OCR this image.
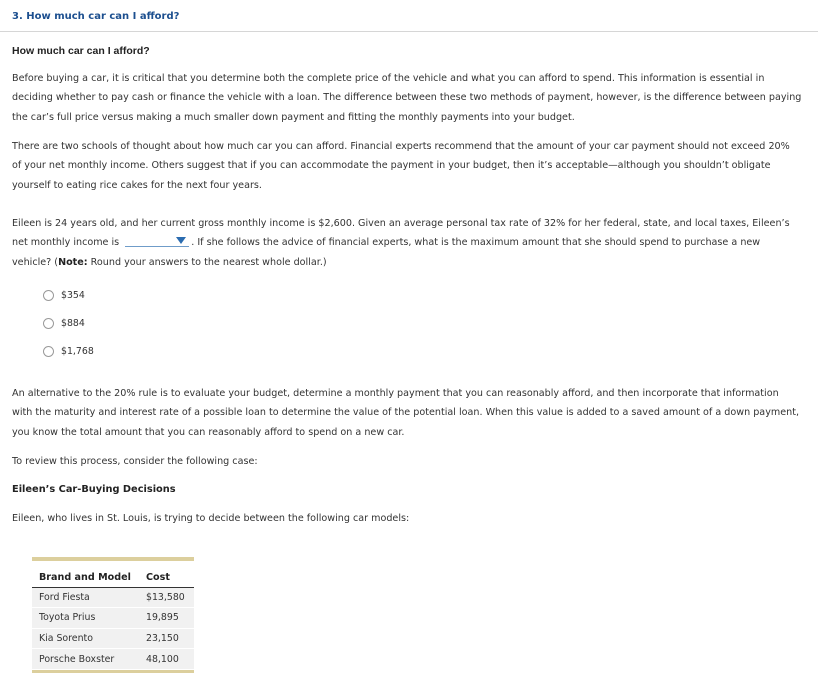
3. How much car can I afford?
How much car can I afford?

Before buying a car, it is critical that you determine both the complete price of the vehicle and what you can afford to spend. This information is essential in deciding whether to pay cash or finance the vehicle with a loan. The difference between these two methods of payment, however, is the difference between paying the car’s full price versus making a much smaller down payment and fitting the monthly payments into your budget.

There are two schools of thought about how much car you can afford. Financial experts recommend that the amount of your car payment should not exceed 20% of your net monthly income. Others suggest that if you can accommodate the payment in your budget, then it’s acceptable—although you shouldn’t obligate yourself to eating rice cakes for the next four years.

Eileen is 24 years old, and her current gross monthly income is $2,600. Given an average personal tax rate of 32% for her federal, state, and local taxes, Eileen’s net monthly income is	. If she follows the advice of financial experts, what is the maximum amount that she should spend to purchase a new vehicle? (Note: Round your answers to the nearest whole dollar.)

$354
$884
$1,768

An alternative to the 20% rule is to evaluate your budget, determine a monthly payment that you can reasonably afford, and then incorporate that information with the maturity and interest rate of a possible loan to determine the value of the potential loan. When this value is added to a saved amount of a down payment, you know the total amount that you can reasonably afford to spend on a new car.

To review this process, consider the following case:

Eileen’s Car-Buying Decisions

Eileen, who lives in St. Louis, is trying to decide between the following car models:

Brand and Model	Cost
Ford Fiesta	$13,580
Toyota Prius	19,895
Kia Sorento	23,150
Porsche Boxster	48,100
